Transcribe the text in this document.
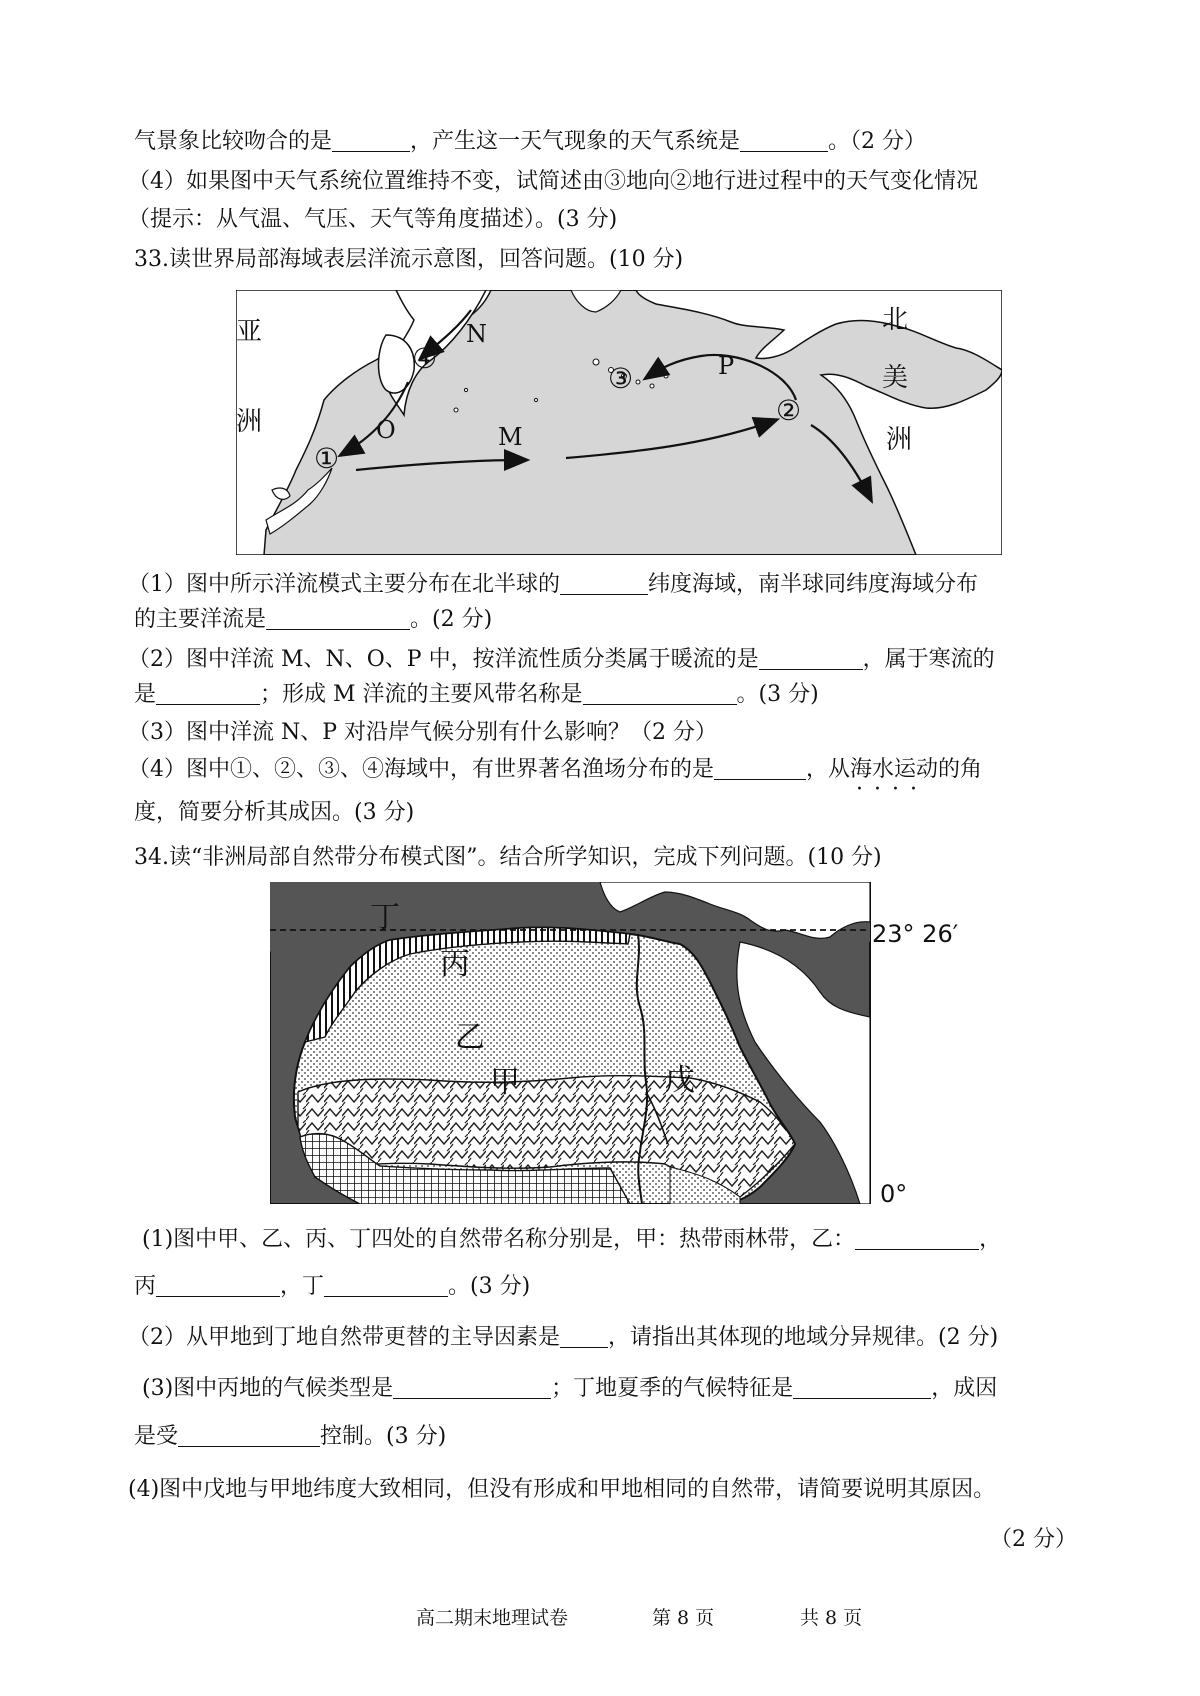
气景象比较吻合的是	，产生这一天气现象的天气系统是	。（2 分）
（4）如果图中天气系统位置维持不变，试简述由③地向②地行进过程中的天气变化情况
（提示：从气温、气压、天气等角度描述）。(3 分)
33.读世界局部海域表层洋流示意图，回答问题。(10 分)
亚
洲
北
美
洲
N
O	M
P
①
②
③
④
（1）图中所示洋流模式主要分布在北半球的	纬度海域，南半球同纬度海域分布
的主要洋流是	。(2 分)
（2）图中洋流 M、N、O、P 中，按洋流性质分类属于暖流的是	，属于寒流的
是	；形成 M 洋流的主要风带名称是	。(3 分)
（3）图中洋流 N、P 对沿岸气候分别有什么影响？（2 分）
（4）图中①、②、③、④海域中，有世界著名渔场分布的是	，从海水运动 · · · ·的角
度，简要分析其成因。(3 分)
34.读“非洲局部自然带分布模式图”。结合所学知识，完成下列问题。(10 分)
丁
丙
乙
甲	戊
23° 26′
0°
(1)图中甲、乙、丙、丁四处的自然带名称分别是，甲：热带雨林带，乙：	，
丙	，丁	。(3 分)
（2）从甲地到丁地自然带更替的主导因素是 ，请指出其体现的地域分异规律。(2 分)
(3)图中丙地的气候类型是	；丁地夏季的气候特征是	，成因
是受	控制。(3 分)
(4)图中戊地与甲地纬度大致相同，但没有形成和甲地相同的自然带，请简要说明其原因。
（2 分）
高二期末地理试卷	第 8 页	共 8 页
